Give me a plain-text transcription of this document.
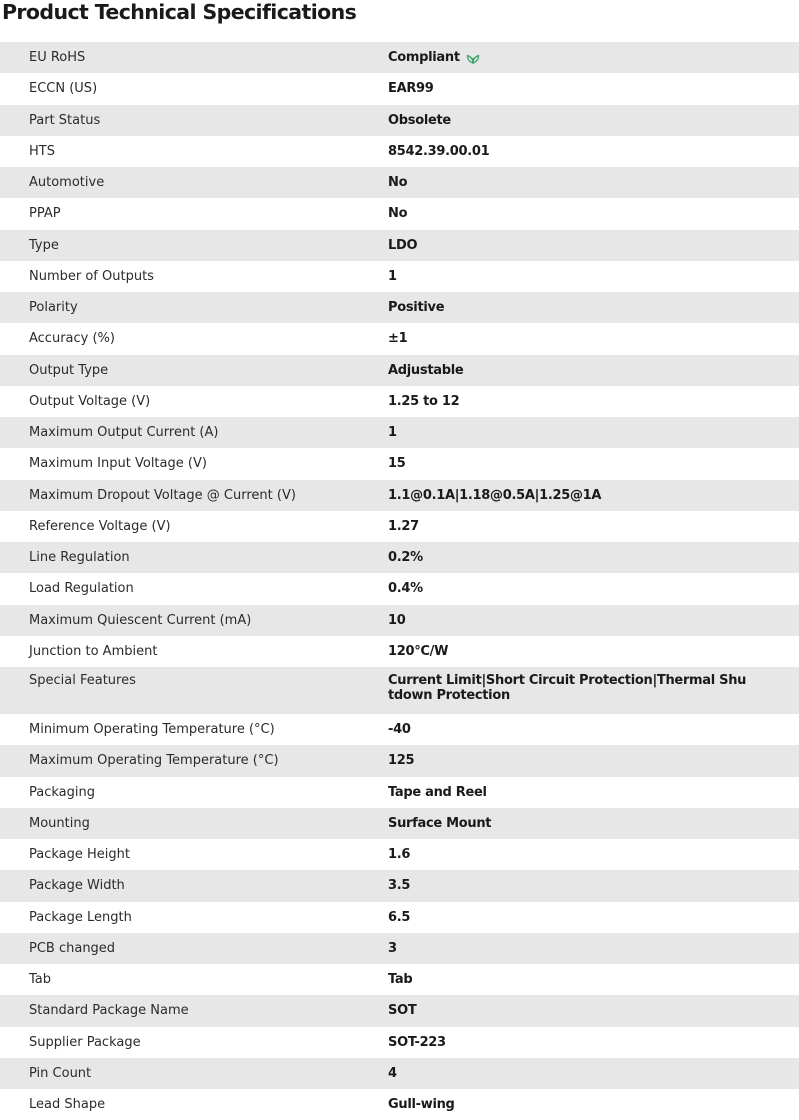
Product Technical Specifications
EU RoHS	Compliant
ECCN (US)	EAR99
Part Status	Obsolete
HTS	8542.39.00.01
Automotive	No
PPAP	No
Type	LDO
Number of Outputs	1
Polarity	Positive
Accuracy (%)	±1
Output Type	Adjustable
Output Voltage (V)	1.25 to 12
Maximum Output Current (A)	1
Maximum Input Voltage (V)	15
Maximum Dropout Voltage @ Current (V)	1.1@0.1A|1.18@0.5A|1.25@1A
Reference Voltage (V)	1.27
Line Regulation	0.2%
Load Regulation	0.4%
Maximum Quiescent Current (mA)	10
Junction to Ambient	120°C/W
Special Features	Current Limit|Short Circuit Protection|Thermal Shutdown Protection
Minimum Operating Temperature (°C)	-40
Maximum Operating Temperature (°C)	125
Packaging	Tape and Reel
Mounting	Surface Mount
Package Height	1.6
Package Width	3.5
Package Length	6.5
PCB changed	3
Tab	Tab
Standard Package Name	SOT
Supplier Package	SOT-223
Pin Count	4
Lead Shape	Gull-wing
